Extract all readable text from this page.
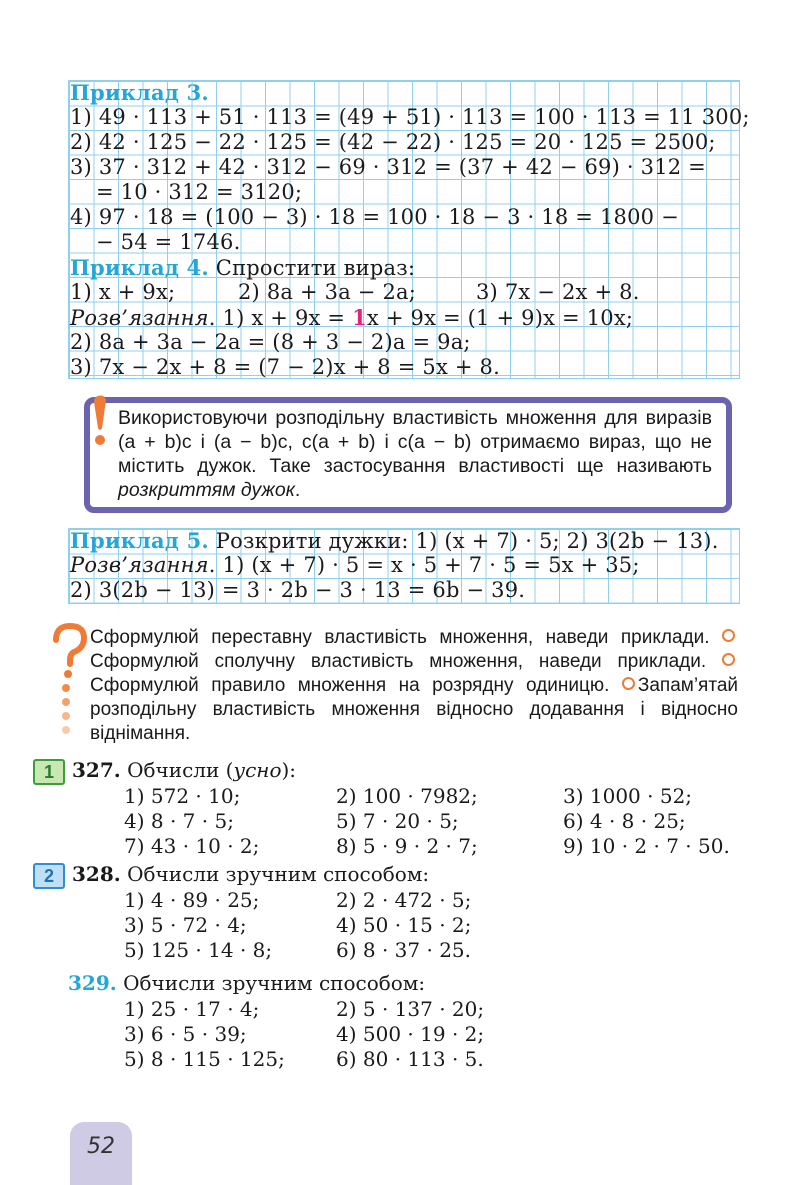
Приклад 3.
1) 49 · 113 + 51 · 113 = (49 + 51) · 113 = 100 · 113 = 11 300;
2) 42 · 125 − 22 · 125 = (42 − 22) · 125 = 20 · 125 = 2500;
3) 37 · 312 + 42 · 312 − 69 · 312 = (37 + 42 − 69) · 312 =
= 10 · 312 = 3120;
4) 97 · 18 = (100 − 3) · 18 = 100 · 18 − 3 · 18 = 1800 −
− 54 = 1746.
Приклад 4. Спростити вираз:
1) x + 9x;	2) 8a + 3a − 2a;	3) 7x − 2x + 8.
Розв’язання. 1) x + 9x = 1x + 9x = (1 + 9)x = 10x;
2) 8a + 3a − 2a = (8 + 3 − 2)a = 9a;
3) 7x − 2x + 8 = (7 − 2)x + 8 = 5x + 8.
Використовуючи розподільну властивість множення для виразів (a + b)c і (a − b)c, c(a + b) і c(a − b) отримаємо вираз, що не містить дужок. Таке застосування властивості ще називають розкриттям дужок.
Приклад 5. Розкрити дужки: 1) (x + 7) · 5; 2) 3(2b − 13).
Розв’язання. 1) (x + 7) · 5 = x · 5 + 7 · 5 = 5x + 35;
2) 3(2b − 13) = 3 · 2b − 3 · 13 = 6b − 39.
Сформулюй переставну властивість множення, наведи приклади.  Сформулюй сполучну властивість множення, наведи приклади. Сформулюй правило множення на розрядну одиницю. Запам’ятай розподільну властивість множення відносно додавання і відносно віднімання.
1 327. Обчисли (усно):
1) 572 · 10;
4) 8 · 7 · 5;
7) 43 · 10 · 2;
2) 100 · 7982;
5) 7 · 20 · 5;
8) 5 · 9 · 2 · 7;
3) 1000 · 52;
6) 4 · 8 · 25;
9) 10 · 2 · 7 · 50.
2 328. Обчисли зручним способом:
1) 4 · 89 · 25;
3) 5 · 72 · 4;
5) 125 · 14 · 8;
2) 2 · 472 · 5;
4) 50 · 15 · 2;
6) 8 · 37 · 25.
329. Обчисли зручним способом:
1) 25 · 17 · 4;
3) 6 · 5 · 39;
5) 8 · 115 · 125;
2) 5 · 137 · 20;
4) 500 · 19 · 2;
6) 80 · 113 · 5.
52
